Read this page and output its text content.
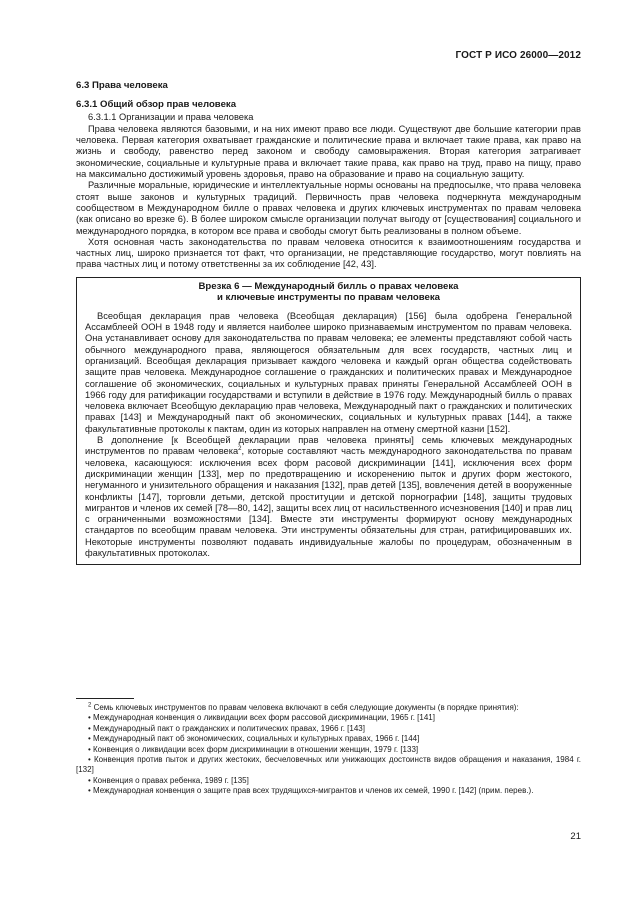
ГОСТ Р ИСО 26000—2012

6.3 Права человека

6.3.1 Общий обзор прав человека

6.3.1.1 Организации и права человека

Права человека являются базовыми, и на них имеют право все люди. Существуют две большие категории прав человека. Первая категория охватывает гражданские и политические права и включает такие права, как право на жизнь и свободу, равенство перед законом и свободу самовыражения. Вторая категория затрагивает экономические, социальные и культурные права и включает такие права, как право на труд, право на пищу, право на максимально достижимый уровень здоровья, право на образование и право на социальную защиту.

Различные моральные, юридические и интеллектуальные нормы основаны на предпосылке, что права человека стоят выше законов и культурных традиций. Первичность прав человека подчеркнута международным сообществом в Международном билле о правах человека и других ключевых инструментах по правам человека (как описано во врезке 6). В более широком смысле организации получат выгоду от [существования] социального и международного порядка, в котором все права и свободы смогут быть реализованы в полном объеме.

Хотя основная часть законодательства по правам человека относится к взаимоотношениям государства и частных лиц, широко признается тот факт, что организации, не представляющие государство, могут повлиять на права частных лиц и потому ответственны за их соблюдение [42, 43].

Врезка 6 — Международный билль о правах человека
и ключевые инструменты по правам человека

Всеобщая декларация прав человека (Всеобщая декларация) [156] была одобрена Генеральной Ассамблеей ООН в 1948 году и является наиболее широко признаваемым инструментом по правам человека. Она устанавливает основу для законодательства по правам человека; ее элементы представляют собой часть обычного международного права, являющегося обязательным для всех государств, частных лиц и организаций. Всеобщая декларация призывает каждого человека и каждый орган общества содействовать защите прав человека. Международное соглашение о гражданских и политических правах и Международное соглашение об экономических, социальных и культурных правах приняты Генеральной Ассамблеей ООН в 1966 году для ратификации государствами и вступили в действие в 1976 году. Международный билль о правах человека включает Всеобщую декларацию прав человека, Международный пакт о гражданских и политических правах [143] и Международный пакт об экономических, социальных и культурных правах [144], а также факультативные протоколы к пактам, один из которых направлен на отмену смертной казни [152].

В дополнение [к Всеобщей декларации прав человека приняты] семь ключевых международных инструментов по правам человека$^2$, которые составляют часть международного законодательства по правам человека, касающуюся: исключения всех форм расовой дискриминации [141], исключения всех форм дискриминации женщин [133], мер по предотвращению и искоренению пыток и других форм жестокого, негуманного и унизительного обращения и наказания [132], прав детей [135], вовлечения детей в вооруженные конфликты [147], торговли детьми, детской проституции и детской порнографии [148], защиты трудовых мигрантов и членов их семей [78—80, 142], защиты всех лиц от насильственного исчезновения [140] и прав лиц с ограниченными возможностями [134]. Вместе эти инструменты формируют основу международных стандартов по всеобщим правам человека. Эти инструменты обязательны для стран, ратифицировавших их. Некоторые инструменты позволяют подавать индивидуальные жалобы по процедурам, обозначенным в факультативных протоколах.

$^2$ Семь ключевых инструментов по правам человека включают в себя следующие документы (в порядке принятия):

• Международная конвенция о ликвидации всех форм рассовой дискриминации, 1965 г. [141]

• Международный пакт о гражданских и политических правах, 1966 г. [143]

• Международный пакт об экономических, социальных и культурных правах, 1966 г. [144]

• Конвенция о ликвидации всех форм дискриминации в отношении женщин, 1979 г. [133]

• Конвенция против пыток и других жестоких, бесчеловечных или унижающих достоинств видов обращения и наказания, 1984 г. [132]

• Конвенция о правах ребенка, 1989 г. [135]

• Международная конвенция о защите прав всех трудящихся-мигрантов и членов их семей, 1990 г. [142] (прим. перев.).

21
